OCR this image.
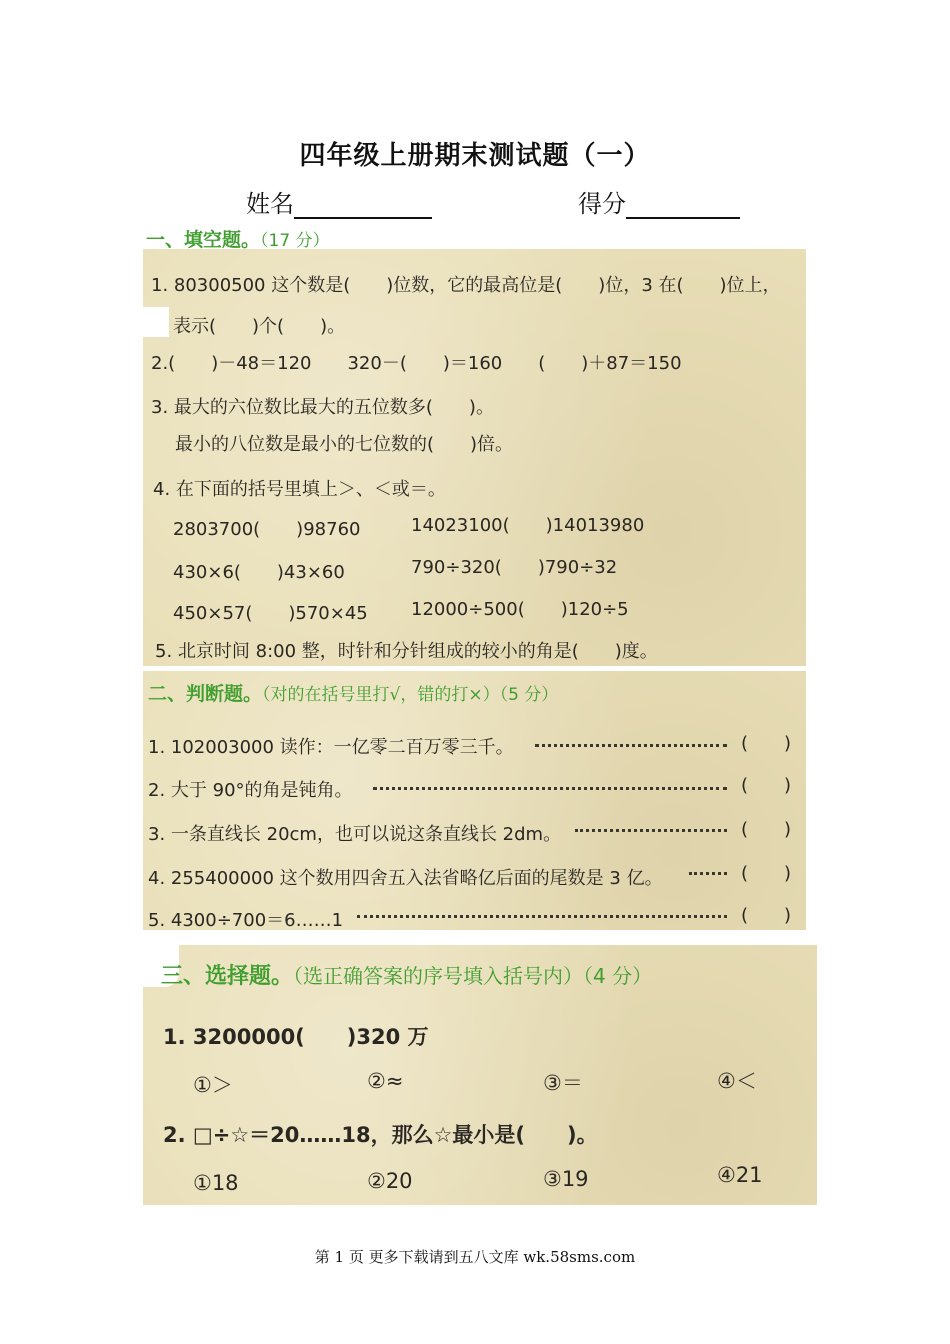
四年级上册期末测试题（一）
姓名	得分
一、填空题。（17 分）
1. 80300500 这个数是(　　)位数，它的最高位是(　　)位，3 在(　　)位上，
表示(　　)个(　　)。
2.(　　)－48＝120　　320－(　　)＝160　　(　　)＋87＝150
3. 最大的六位数比最大的五位数多(　　)。
最小的八位数是最小的七位数的(　　)倍。
4. 在下面的括号里填上＞、＜或＝。
2803700(　　)98760	14023100(　　)14013980
430×6(　　)43×60	790÷320(　　)790÷32
450×57(　　)570×45 12000÷500(　　)120÷5
5. 北京时间 8:00 整，时针和分针组成的较小的角是(　　)度。
二、判断题。（对的在括号里打√，错的打×）（5 分）
1. 102003000 读作：一亿零二百万零三千。	(　　)
2. 大于 90°的角是钝角。	(　　)
3. 一条直线长 20cm，也可以说这条直线长 2dm。	(　　)
4. 255400000 这个数用四舍五入法省略亿后面的尾数是 3 亿。	(　　)
5. 4300÷700＝6……1	(　　)
三、选择题。（选正确答案的序号填入括号内）（4 分）
1. 3200000(　　)320 万
①＞	②≈	③＝	④＜
2. □÷☆＝20……18，那么☆最小是(　　)。
①18	②20	③19	④21
第 1 页 更多下载请到五八文库 wk.58sms.com
